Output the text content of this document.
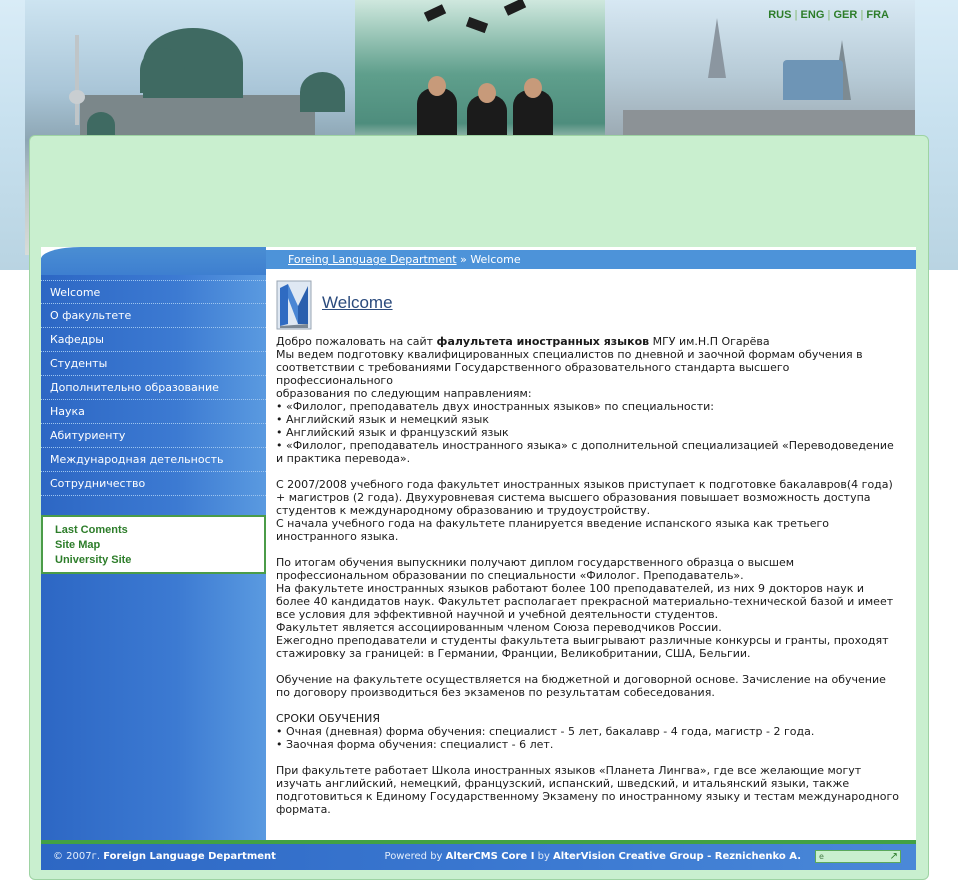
RUS | ENG | GER | FRA
Foreing Language Department » Welcome
Welcome
О факультете
Кафедры
Студенты
Дополнительно образование
Наука
Абитуриенту
Международная детельность
Сотрудничество
Last Coments
Site Map
University Site
Welcome

Добро пожаловать на сайт фалультета иностранных языков МГУ им.Н.П Огарёва
Мы ведем подготовку квалифицированных специалистов по дневной и заочной формам обучения в
соответствии с требованиями Государственного образовательного стандарта высшего профессионального
образования по следующим направлениям:
• «Филолог, преподаватель двух иностранных языков» по специальности:
• Английский язык и немецкий язык
• Английский язык и французский язык
• «Филолог, преподаватель иностранного языка» с дополнительной специализацией «Переводоведение
и практика перевода».

С 2007/2008 учебного года факультет иностранных языков приступает к подготовке бакалавров(4 года)
+ магистров (2 года). Двухуровневая система высшего образования повышает возможность доступа
студентов к международному образованию и трудоустройству.
С начала учебного года на факультете планируется введение испанского языка как третьего
иностранного языка.

По итогам обучения выпускники получают диплом государственного образца о высшем
профессиональном образовании по специальности «Филолог. Преподаватель».
На факультете иностранных языков работают более 100 преподавателей, из них 9 докторов наук и
более 40 кандидатов наук. Факультет располагает прекрасной материально-технической базой и имеет
все условия для эффективной научной и учебной деятельности студентов.
Факультет является ассоциированным членом Союза переводчиков России.
Ежегодно преподаватели и студенты факультета выигрывают различные конкурсы и гранты, проходят
стажировку за границей: в Германии, Франции, Великобритании, США, Бельгии.

Обучение на факультете осуществляется на бюджетной и договорной основе. Зачисление на обучение
по договору производиться без экзаменов по результатам собеседования.

СРОКИ ОБУЧЕНИЯ
• Очная (дневная) форма обучения: специалист - 5 лет, бакалавр - 4 года, магистр - 2 года.
• Заочная форма обучения: специалист - 6 лет.

При факультете работает Школа иностранных языков «Планета Лингва», где все желающие могут
изучать английский, немецкий, французский, испанский, шведский, и итальянский языки, также
подготовиться к Единому Государственному Экзамену по иностранному языку и тестам международного
формата.

© 2007г. Foreign Language Department	Powered by AlterCMS Core I by AlterVision Creative Group - Reznichenko A.	e	↗
